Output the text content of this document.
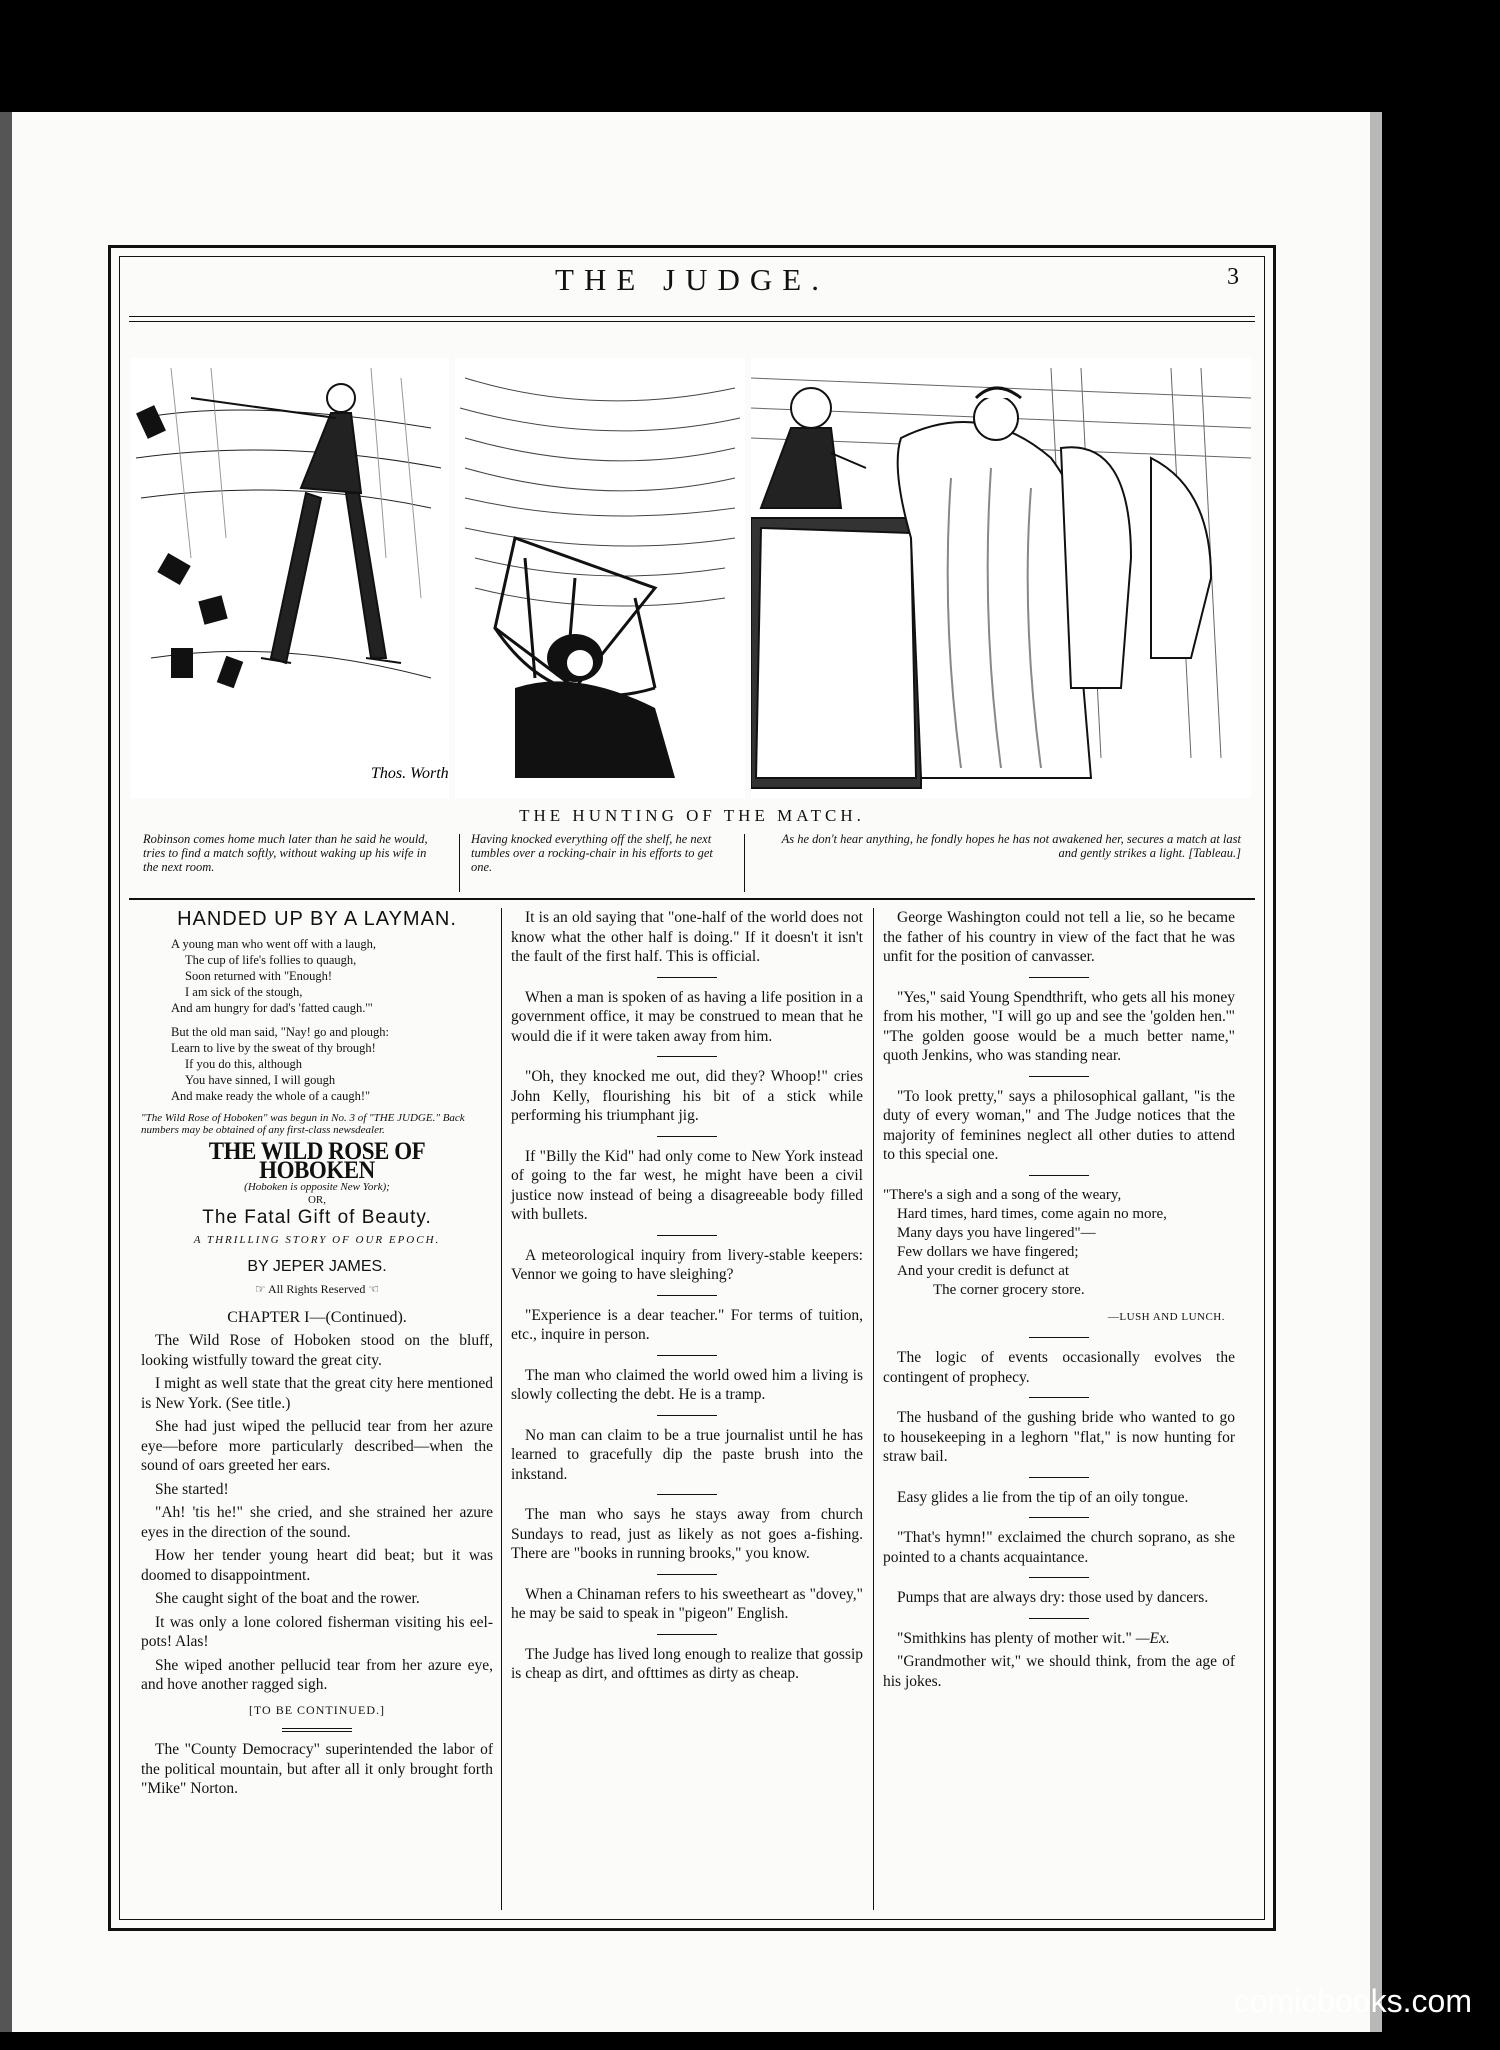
THE JUDGE.	3
Thos. Worth
THE HUNTING OF THE MATCH.
Robinson comes home much later than he said he would, tries to find a match softly, without waking up his wife in the next room.
Having knocked everything off the shelf, he next tumbles over a rocking-chair in his efforts to get one.
As he don't hear anything, he fondly hopes he has not awakened her, secures a match at last and gently strikes a light. [Tableau.]
HANDED UP BY A LAYMAN.
A young man who went off with a laugh,
The cup of life's follies to quaugh,
Soon returned with "Enough!
I am sick of the stough,
And am hungry for dad's 'fatted caugh.'"
But the old man said, "Nay! go and plough:
Learn to live by the sweat of thy brough!
If you do this, although
You have sinned, I will gough
And make ready the whole of a caugh!"
"The Wild Rose of Hoboken" was begun in No. 3 of "THE JUDGE." Back numbers may be obtained of any first-class newsdealer.
THE WILD ROSE OF HOBOKEN
(Hoboken is opposite New York);
OR,
The Fatal Gift of Beauty.
A THRILLING STORY OF OUR EPOCH.
BY JEPER JAMES.
☞ All Rights Reserved ☜
CHAPTER I—(Continued).

The Wild Rose of Hoboken stood on the bluff, looking wistfully toward the great city.

I might as well state that the great city here mentioned is New York. (See title.)

She had just wiped the pellucid tear from her azure eye—before more particularly described—when the sound of oars greeted her ears.

She started!

"Ah! 'tis he!" she cried, and she strained her azure eyes in the direction of the sound.

How her tender young heart did beat; but it was doomed to disappointment.

She caught sight of the boat and the rower.

It was only a lone colored fisherman visiting his eel-pots! Alas!

She wiped another pellucid tear from her azure eye, and hove another ragged sigh.

[TO BE CONTINUED.]

The "County Democracy" superintended the labor of the political mountain, but after all it only brought forth "Mike" Norton.

It is an old saying that "one-half of the world does not know what the other half is doing." If it doesn't it isn't the fault of the first half. This is official.

When a man is spoken of as having a life position in a government office, it may be construed to mean that he would die if it were taken away from him.

"Oh, they knocked me out, did they? Whoop!" cries John Kelly, flourishing his bit of a stick while performing his triumphant jig.

If "Billy the Kid" had only come to New York instead of going to the far west, he might have been a civil justice now instead of being a disagreeable body filled with bullets.

A meteorological inquiry from livery-stable keepers: Vennor we going to have sleighing?

"Experience is a dear teacher." For terms of tuition, etc., inquire in person.

The man who claimed the world owed him a living is slowly collecting the debt. He is a tramp.

No man can claim to be a true journalist until he has learned to gracefully dip the paste brush into the inkstand.

The man who says he stays away from church Sundays to read, just as likely as not goes a-fishing. There are "books in running brooks," you know.

When a Chinaman refers to his sweetheart as "dovey," he may be said to speak in "pigeon" English.

The Judge has lived long enough to realize that gossip is cheap as dirt, and ofttimes as dirty as cheap.

George Washington could not tell a lie, so he became the father of his country in view of the fact that he was unfit for the position of canvasser.

"Yes," said Young Spendthrift, who gets all his money from his mother, "I will go up and see the 'golden hen.'" "The golden goose would be a much better name," quoth Jenkins, who was standing near.

"To look pretty," says a philosophical gallant, "is the duty of every woman," and The Judge notices that the majority of feminines neglect all other duties to attend to this special one.

"There's a sigh and a song of the weary,
Hard times, hard times, come again no more,
Many days you have lingered"—
Few dollars we have fingered;
And your credit is defunct at
The corner grocery store.
—LUSH AND LUNCH.

The logic of events occasionally evolves the contingent of prophecy.

The husband of the gushing bride who wanted to go to housekeeping in a leghorn "flat," is now hunting for straw bail.

Easy glides a lie from the tip of an oily tongue.

"That's hymn!" exclaimed the church soprano, as she pointed to a chants acquaintance.

Pumps that are always dry: those used by dancers.

"Smithkins has plenty of mother wit." —Ex.

"Grandmother wit," we should think, from the age of his jokes.

comicbooks.com
